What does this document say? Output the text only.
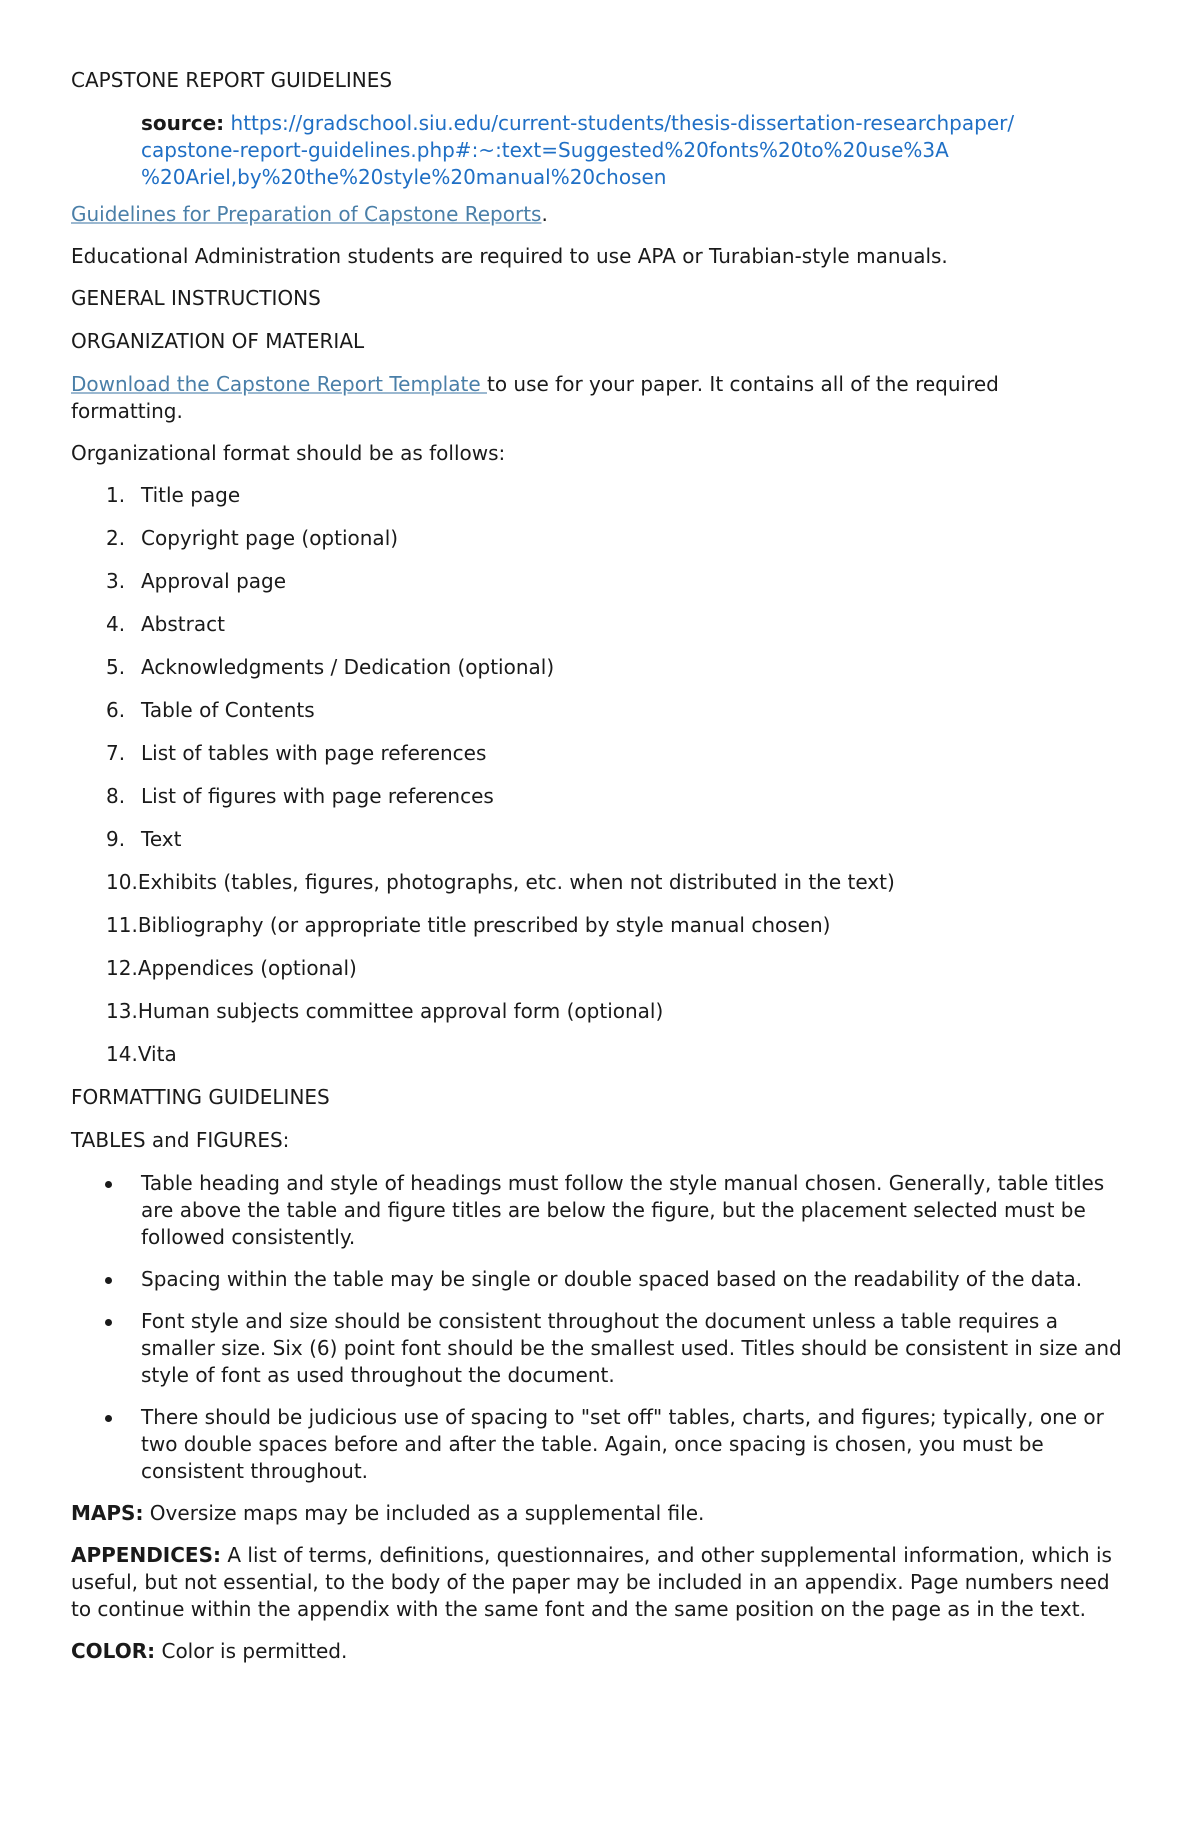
CAPSTONE REPORT GUIDELINES
source: https://gradschool.siu.edu/current-students/thesis-dissertation-researchpaper/
capstone-report-guidelines.php#:~:text=Suggested%20fonts%20to%20use%3A
%20Ariel,by%20the%20style%20manual%20chosen
Guidelines for Preparation of Capstone Reports.
Educational Administration students are required to use APA or Turabian-style manuals.
GENERAL INSTRUCTIONS
ORGANIZATION OF MATERIAL
Download the Capstone Report Template to use for your paper. It contains all of the required
formatting.
Organizational format should be as follows:
1. Title page
2. Copyright page (optional)
3. Approval page
4. Abstract
5. Acknowledgments / Dedication (optional)
6. Table of Contents
7. List of tables with page references
8. List of figures with page references
9. Text
10.Exhibits (tables, figures, photographs, etc. when not distributed in the text)
11.Bibliography (or appropriate title prescribed by style manual chosen)
12.Appendices (optional)
13.Human subjects committee approval form (optional)
14.Vita
FORMATTING GUIDELINES
TABLES and FIGURES:
Table heading and style of headings must follow the style manual chosen. Generally, table titles are above the table and figure titles are below the figure, but the placement selected must be followed consistently.
Spacing within the table may be single or double spaced based on the readability of the data.
Font style and size should be consistent throughout the document unless a table requires a smaller size. Six (6) point font should be the smallest used. Titles should be consistent in size and style of font as used throughout the document.
There should be judicious use of spacing to "set off" tables, charts, and figures; typically, one or two double spaces before and after the table. Again, once spacing is chosen, you must be consistent throughout.
MAPS: Oversize maps may be included as a supplemental file.
APPENDICES: A list of terms, definitions, questionnaires, and other supplemental information, which is useful, but not essential, to the body of the paper may be included in an appendix. Page numbers need to continue within the appendix with the same font and the same position on the page as in the text.
COLOR: Color is permitted.
